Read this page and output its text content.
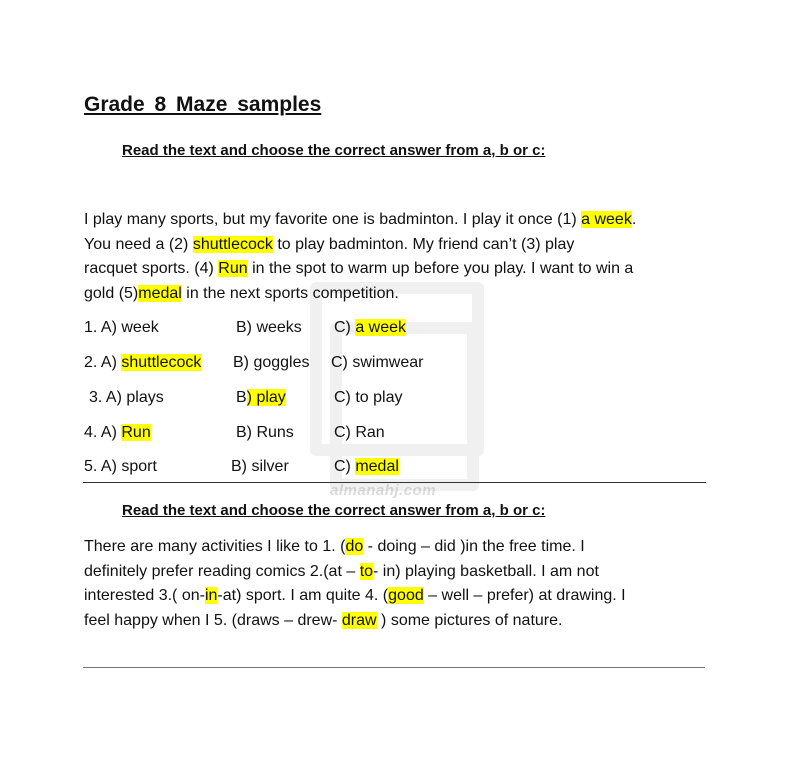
almanahj.com
Grade 8 Maze samples
Read the text and choose the correct answer from a, b or c:
I play many sports, but my favorite one is badminton. I play it once (1) a week.
You need a (2) shuttlecock to play badminton. My friend can’t (3) play
racquet sports. (4) Run in the spot to warm up before you play. I want to win a
gold (5)medal in the next sports competition.
1. A) week	B) weeks C) a week
2. A) shuttlecock B) goggles C) swimwear
3. A) plays	B) play	C) to play
4. A) Run	B) Runs	C) Ran
5. A) sport	B) silver	C) medal
Read the text and choose the correct answer from a, b or c:
There are many activities I like to 1. (do - doing – did )in the free time. I
definitely prefer reading comics 2.(at – to- in) playing basketball. I am not
interested 3.( on-in-at) sport. I am quite 4. (good – well – prefer) at drawing. I
feel happy when I 5. (draws – drew- draw ) some pictures of nature.
